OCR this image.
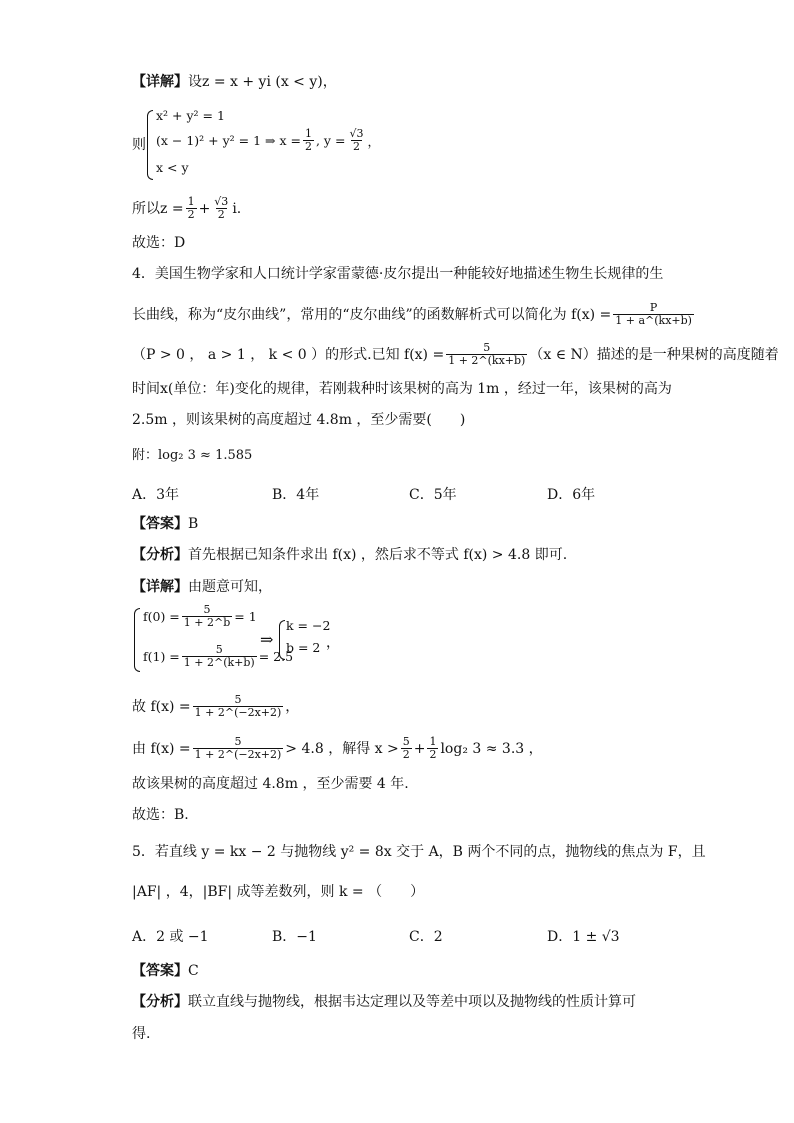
【详解】设z = x + yi (x < y)，
则
x² + y² = 1
(x − 1)² + y² = 1 ⇒ $x = \frac{1}{2}$ , $y = \frac{√3}{2}$ ，
x < y
所以$z = \frac{1}{2} + \frac{√3}{2} i$.
故选：D
4．美国生物学家和人口统计学家雷蒙德·皮尔提出一种能较好地描述生物生长规律的生
长曲线，称为“皮尔曲线”，常用的“皮尔曲线”的函数解析式可以简化为 $f(x) = \frac{P}{1 + a\^{}(kx+b)}$
（P > 0 ， a > 1 ， k < 0 ）的形式.已知 $f(x) = \frac{5}{1 + 2\^{}(kx+b)} (x$ ∈ N）描述的是一种果树的高度随着
时间x(单位：年)变化的规律，若刚栽种时该果树的高为 1m ，经过一年，该果树的高为
2.5m ，则该果树的高度超过 4.8m ，至少需要(　　)
附：log₂ 3 ≈ 1.585
A．3年	B．4年	C．5年	D．6年
【答案】B
【分析】首先根据已知条件求出 f(x) ，然后求不等式 f(x) > 4.8 即可.
【详解】由题意可知，
$f(0) = \frac{5}{1 + 2\^{}b} = 1$
$f(1) = \frac{5}{1 + 2\^{}(k+b)} = 2.5$
⇒
k = −2
b = 2 ，
故 $f(x) = \frac{5}{1 + 2\^{}(-2x+2)}$ ，
由 $f(x) = \frac{5}{1 + 2\^{}(-2x+2)} > 4.8$ ，解得 $x > \frac{5}{2} + \frac{1}{2} \log_2$ 3 ≈ 3.3 ，
故该果树的高度超过 4.8m ，至少需要 4 年.
故选：B.
5．若直线 y = kx − 2 与抛物线 y² = 8x 交于 A，B 两个不同的点，抛物线的焦点为 F，且
|AF| ，4，|BF| 成等差数列，则 k = （　　）
A．2 或 −1	B．−1	C．2	D．1 ± √3
【答案】C
【分析】联立直线与抛物线，根据韦达定理以及等差中项以及抛物线的性质计算可
得.
